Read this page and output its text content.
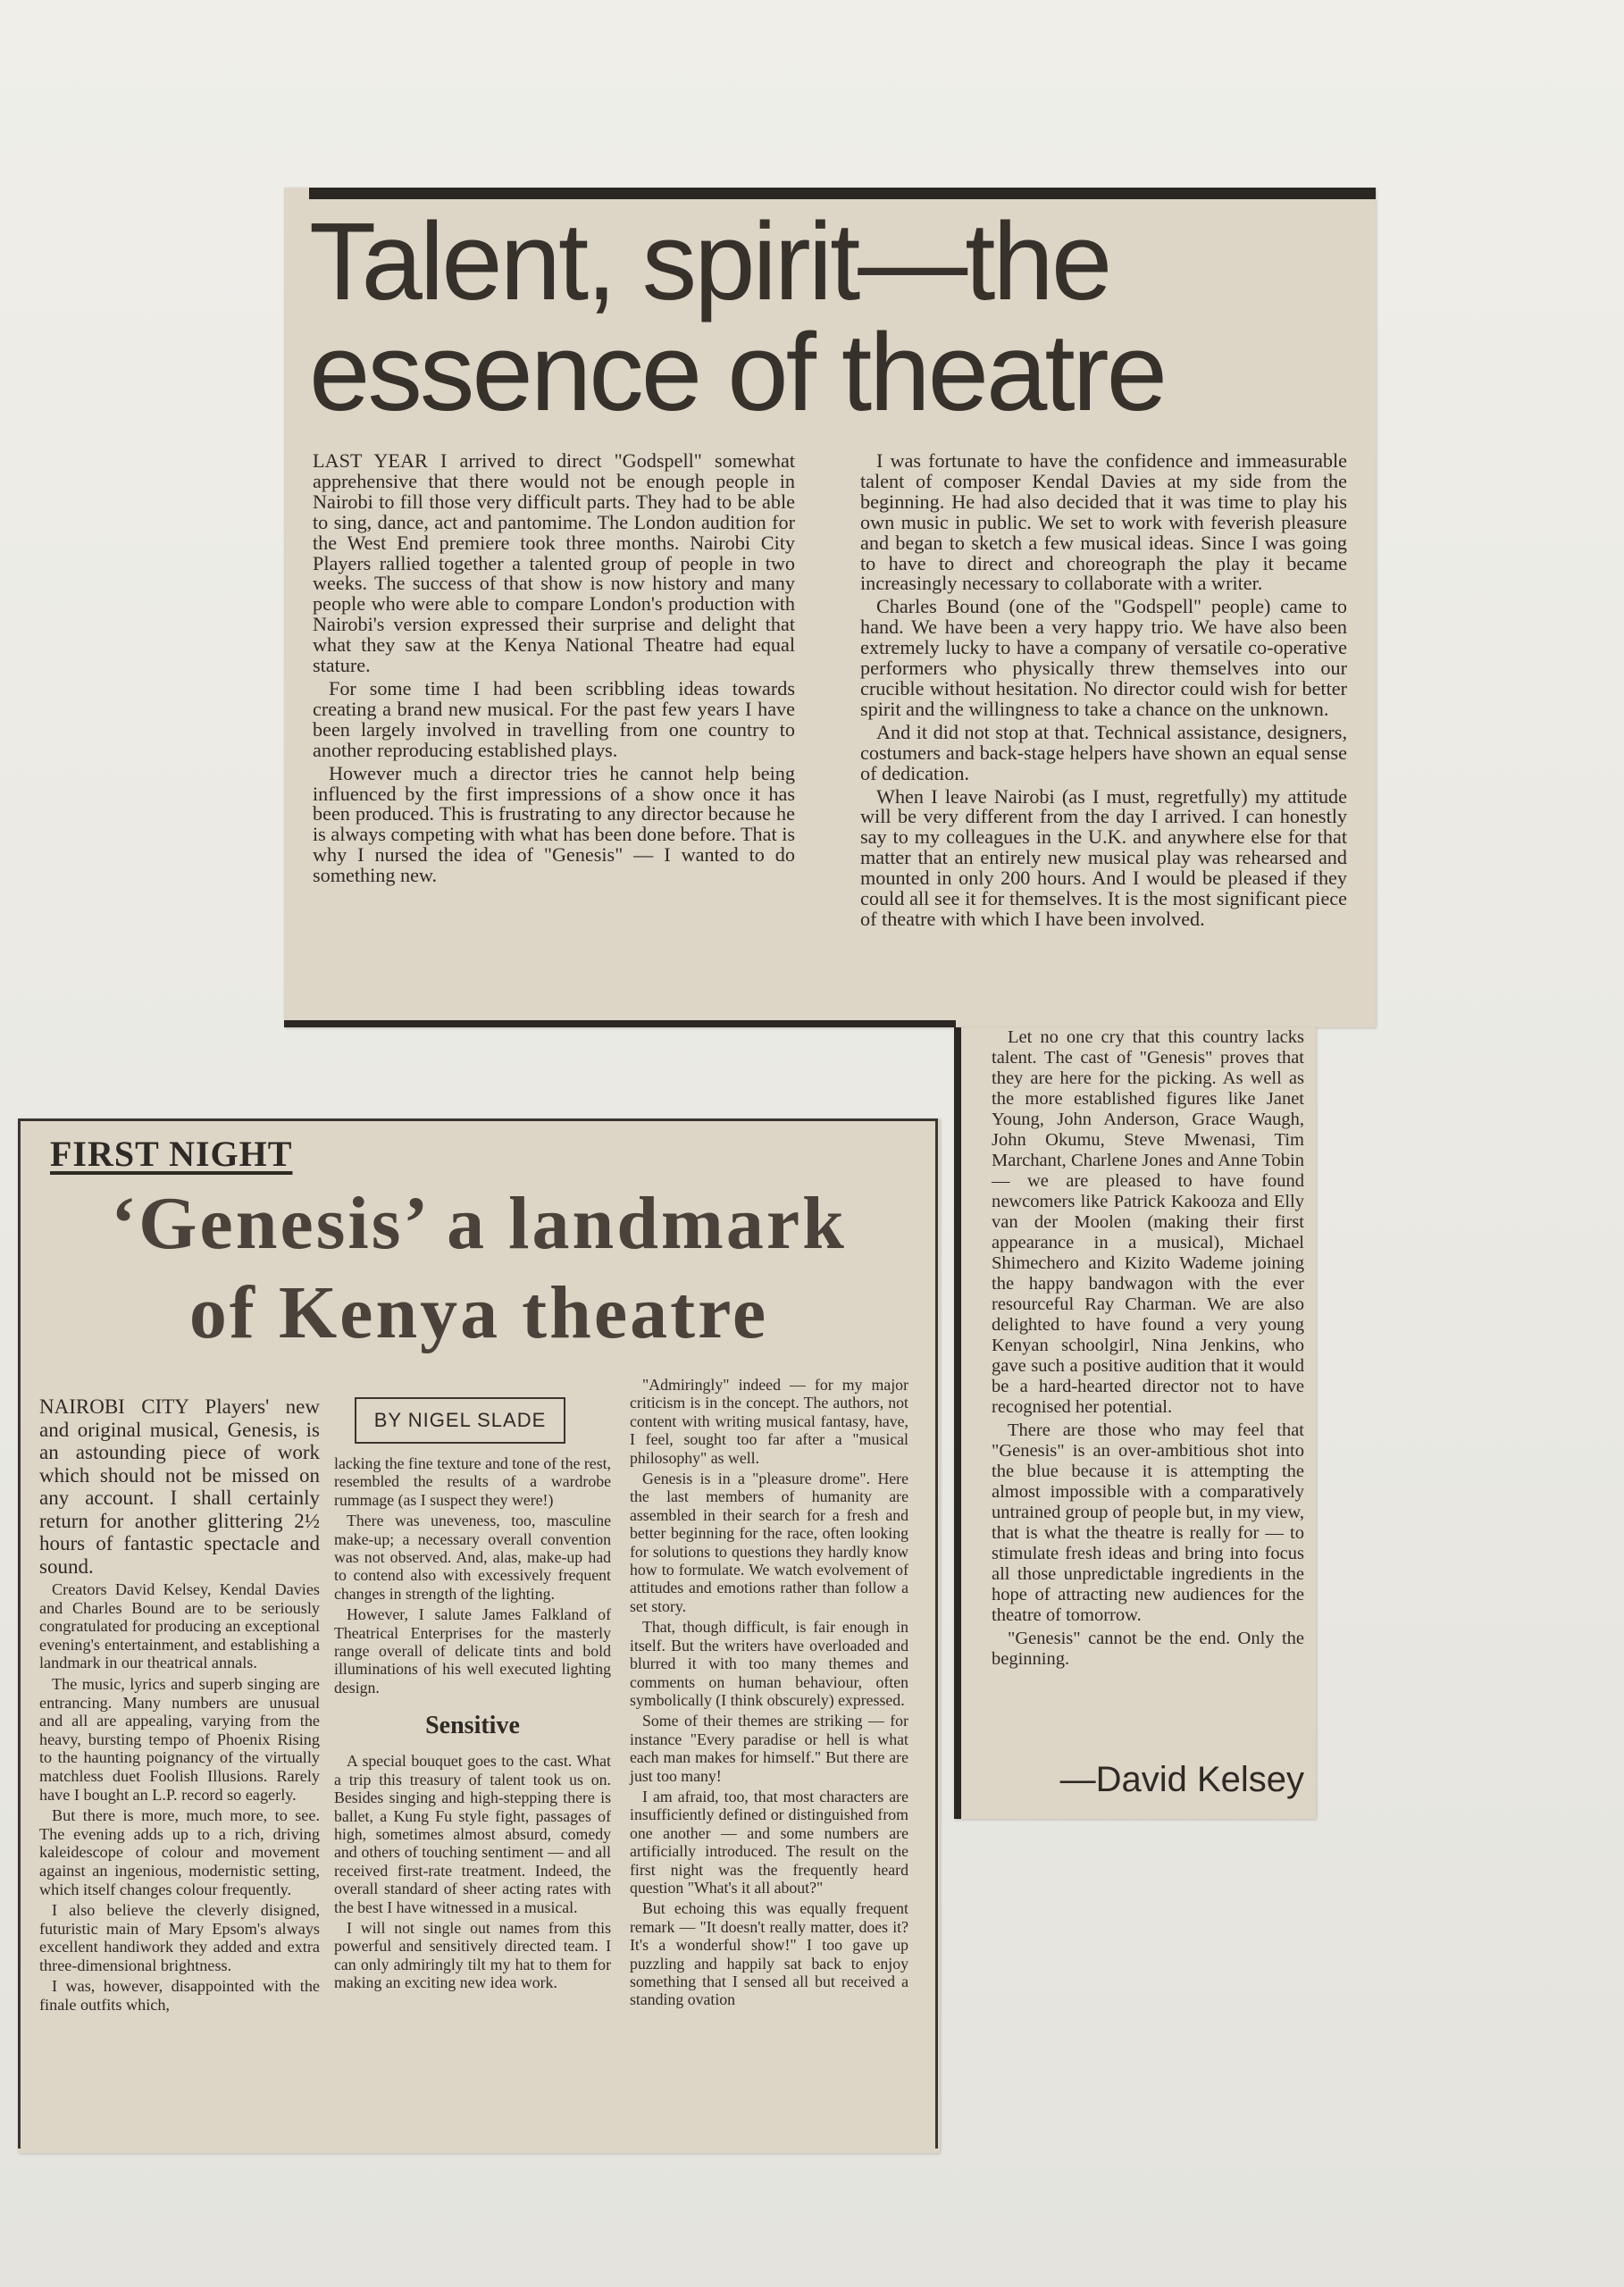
Talent, spirit—the
essence of theatre

LAST YEAR I arrived to direct "Godspell" somewhat apprehensive that there would not be enough people in Nairobi to fill those very difficult parts. They had to be able to sing, dance, act and pantomime. The London audition for the West End premiere took three months. Nairobi City Players rallied together a talented group of people in two weeks. The success of that show is now history and many people who were able to compare London's production with Nairobi's version expressed their surprise and delight that what they saw at the Kenya National Theatre had equal stature.

For some time I had been scribbling ideas towards creating a brand new musical. For the past few years I have been largely involved in travelling from one country to another reproducing established plays.

However much a director tries he cannot help being influenced by the first impressions of a show once it has been produced. This is frustrating to any director because he is always competing with what has been done before. That is why I nursed the idea of "Genesis" — I wanted to do something new.

I was fortunate to have the confidence and immeasurable talent of composer Kendal Davies at my side from the beginning. He had also decided that it was time to play his own music in public. We set to work with feverish pleasure and began to sketch a few musical ideas. Since I was going to have to direct and choreograph the play it became increasingly necessary to collaborate with a writer.

Charles Bound (one of the "Godspell" people) came to hand. We have been a very happy trio. We have also been extremely lucky to have a company of versatile co-operative performers who physically threw themselves into our crucible without hesitation. No director could wish for better spirit and the willingness to take a chance on the unknown.

And it did not stop at that. Technical assistance, designers, costumers and back-stage helpers have shown an equal sense of dedication.

When I leave Nairobi (as I must, regretfully) my attitude will be very different from the day I arrived. I can honestly say to my colleagues in the U.K. and anywhere else for that matter that an entirely new musical play was rehearsed and mounted in only 200 hours. And I would be pleased if they could all see it for themselves. It is the most significant piece of theatre with which I have been involved.

Let no one cry that this country lacks talent. The cast of "Genesis" proves that they are here for the picking. As well as the more established figures like Janet Young, John Anderson, Grace Waugh, John Okumu, Steve Mwenasi, Tim Marchant, Charlene Jones and Anne Tobin — we are pleased to have found newcomers like Patrick Kakooza and Elly van der Moolen (making their first appearance in a musical), Michael Shimechero and Kizito Wademe joining the happy bandwagon with the ever resourceful Ray Charman. We are also delighted to have found a very young Kenyan schoolgirl, Nina Jenkins, who gave such a positive audition that it would be a hard-hearted director not to have recognised her potential.

There are those who may feel that "Genesis" is an over-ambitious shot into the blue because it is attempting the almost impossible with a comparatively untrained group of people but, in my view, that is what the theatre is really for — to stimulate fresh ideas and bring into focus all those unpredictable ingredients in the hope of attracting new audiences for the theatre of tomorrow.

"Genesis" cannot be the end. Only the beginning.

—David Kelsey
FIRST NIGHT
‘Genesis’ a landmark
of Kenya theatre
BY NIGEL SLADE

NAIROBI CITY Players' new and original musical, Genesis, is an astounding piece of work which should not be missed on any account. I shall certainly return for another glittering 2½ hours of fantastic spectacle and sound.

Creators David Kelsey, Kendal Davies and Charles Bound are to be seriously congratulated for producing an exceptional evening's entertainment, and establishing a landmark in our theatrical annals.

The music, lyrics and superb singing are entrancing. Many numbers are unusual and all are appealing, varying from the heavy, bursting tempo of Phoenix Rising to the haunting poignancy of the virtually matchless duet Foolish Illusions. Rarely have I bought an L.P. record so eagerly.

But there is more, much more, to see. The evening adds up to a rich, driving kaleidescope of colour and movement against an ingenious, modernistic setting, which itself changes colour frequently.

I also believe the cleverly disigned, futuristic main of Mary Epsom's always excellent handiwork they added and extra three-dimensional brightness.

I was, however, disappointed with the finale outfits which,

lacking the fine texture and tone of the rest, resembled the results of a wardrobe rummage (as I suspect they were!)

There was uneveness, too, masculine make-up; a necessary overall convention was not observed. And, alas, make-up had to contend also with excessively frequent changes in strength of the lighting.

However, I salute James Falkland of Theatrical Enterprises for the masterly range overall of delicate tints and bold illuminations of his well executed lighting design.

Sensitive

A special bouquet goes to the cast. What a trip this treasury of talent took us on. Besides singing and high-stepping there is ballet, a Kung Fu style fight, passages of high, sometimes almost absurd, comedy and others of touching sentiment — and all received first-rate treatment. Indeed, the overall standard of sheer acting rates with the best I have witnessed in a musical.

I will not single out names from this powerful and sensitively directed team. I can only admiringly tilt my hat to them for making an exciting new idea work.

"Admiringly" indeed — for my major criticism is in the concept. The authors, not content with writing musical fantasy, have, I feel, sought too far after a "musical philosophy" as well.

Genesis is in a "pleasure drome". Here the last members of humanity are assembled in their search for a fresh and better beginning for the race, often looking for solutions to questions they hardly know how to formulate. We watch evolvement of attitudes and emotions rather than follow a set story.

That, though difficult, is fair enough in itself. But the writers have overloaded and blurred it with too many themes and comments on human behaviour, often symbolically (I think obscurely) expressed.

Some of their themes are striking — for instance "Every paradise or hell is what each man makes for himself." But there are just too many!

I am afraid, too, that most characters are insufficiently defined or distinguished from one another — and some numbers are artificially introduced. The result on the first night was the frequently heard question "What's it all about?"

But echoing this was equally frequent remark — "It doesn't really matter, does it? It's a wonderful show!" I too gave up puzzling and happily sat back to enjoy something that I sensed all but received a standing ovation
